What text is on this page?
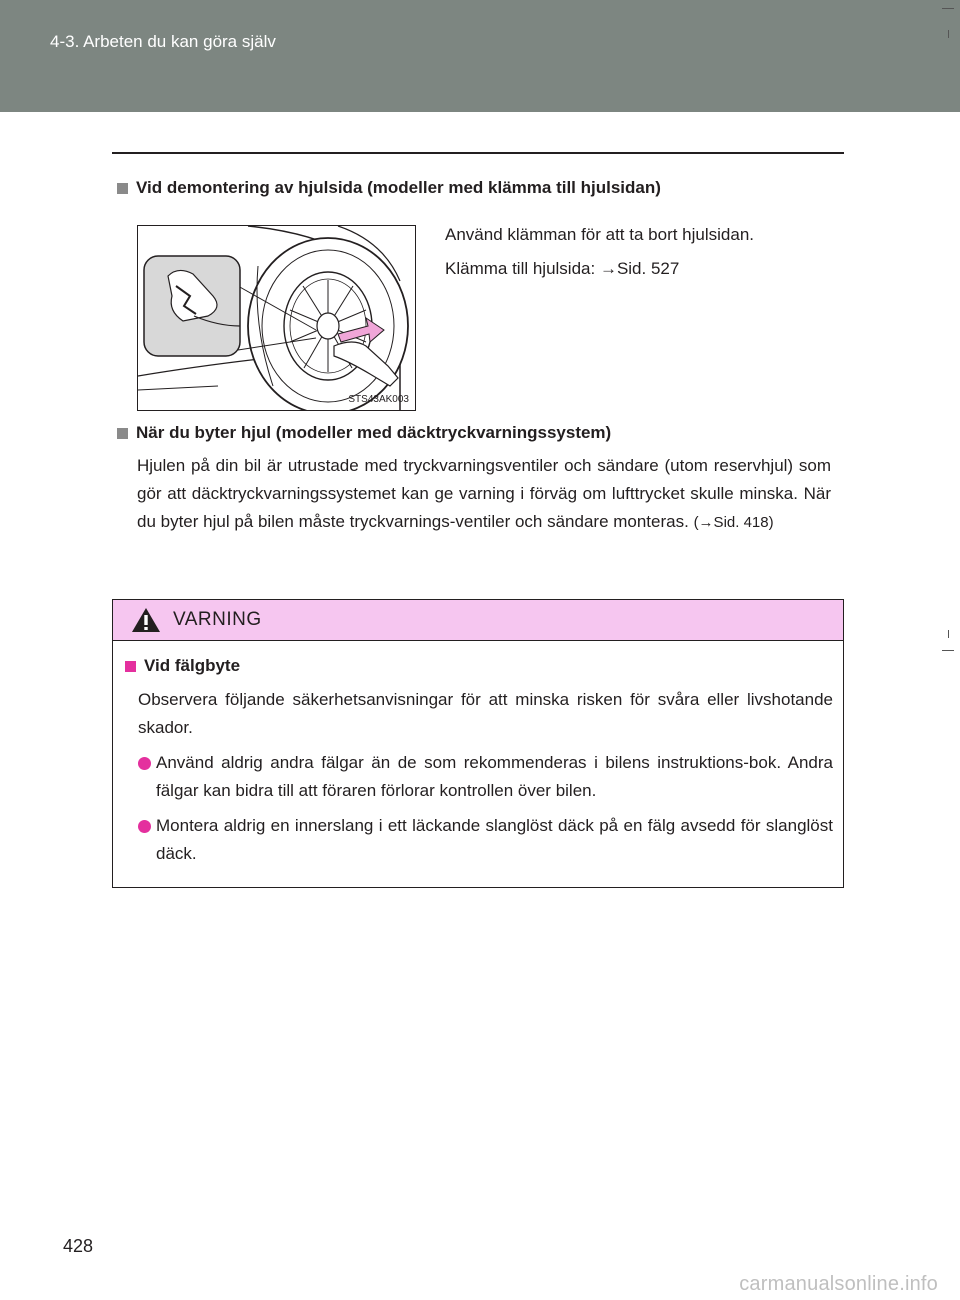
4-3. Arbeten du kan göra själv
Vid demontering av hjulsida (modeller med klämma till hjulsidan)
STS43AK003
Använd klämman för att ta bort hjulsidan.
Klämma till hjulsida: →Sid. 527
När du byter hjul (modeller med däcktryckvarningssystem)
Hjulen på din bil är utrustade med tryckvarningsventiler och sändare (utom reservhjul) som gör att däcktryckvarningssystemet kan ge varning i förväg om lufttrycket skulle minska. När du byter hjul på bilen måste tryckvarnings-ventiler och sändare monteras. (→Sid. 418)
VARNING
Vid fälgbyte
Observera följande säkerhetsanvisningar för att minska risken för svåra eller livshotande skador.
Använd aldrig andra fälgar än de som rekommenderas i bilens instruktions-bok. Andra fälgar kan bidra till att föraren förlorar kontrollen över bilen.
Montera aldrig en innerslang i ett läckande slanglöst däck på en fälg avsedd för slanglöst däck.
428
carmanualsonline.info
